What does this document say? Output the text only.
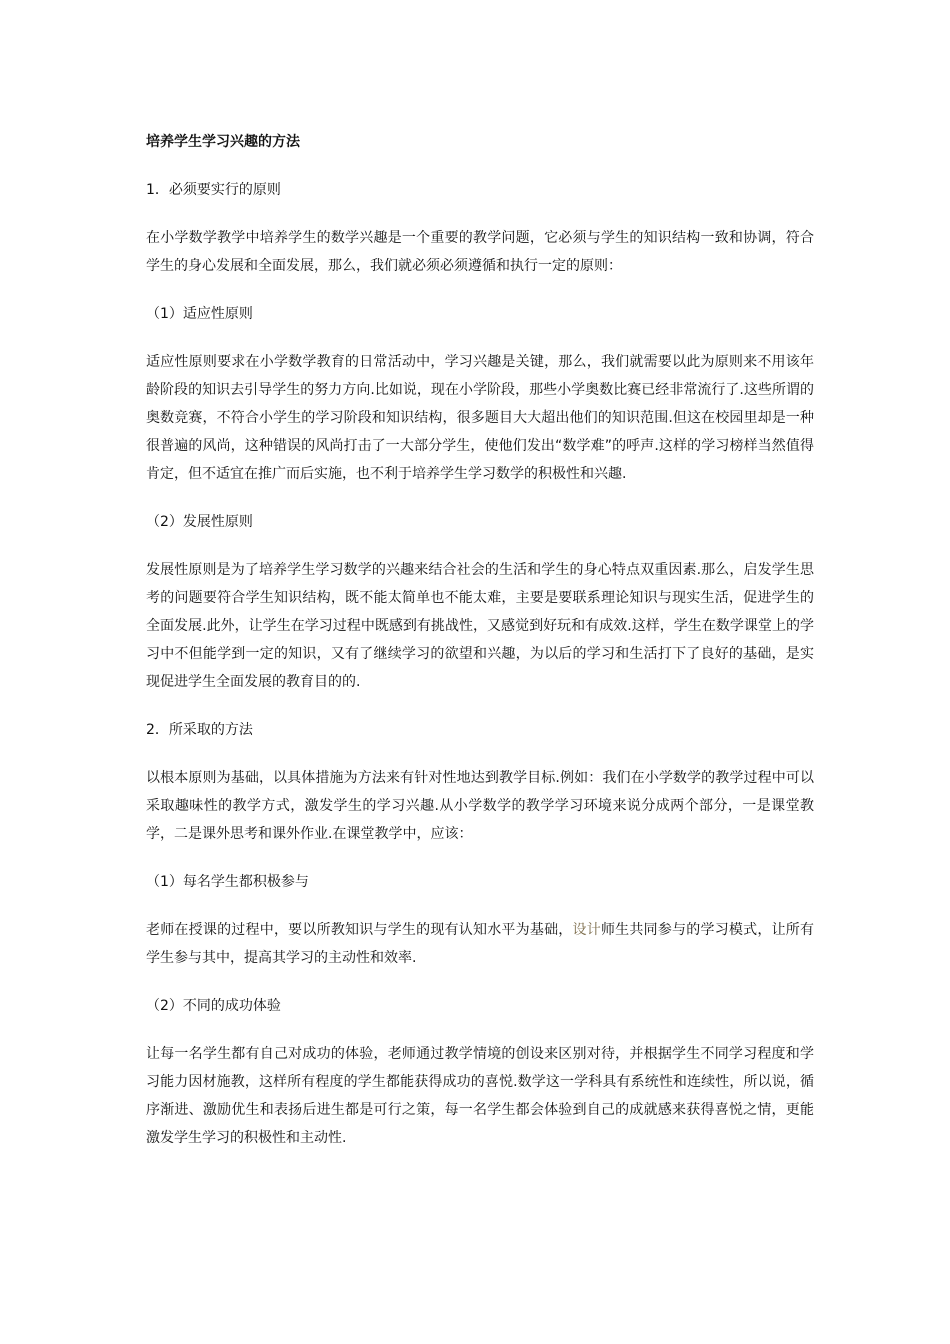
培养学生学习兴趣的方法
1．必须要实行的原则
在小学数学教学中培养学生的数学兴趣是一个重要的教学问题，它必须与学生的知识结构一致和协调，符合学生的身心发展和全面发展，那么，我们就必须必须遵循和执行一定的原则：
（1）适应性原则
适应性原则要求在小学数学教育的日常活动中，学习兴趣是关键，那么，我们就需要以此为原则来不用该年龄阶段的知识去引导学生的努力方向.比如说，现在小学阶段，那些小学奥数比赛已经非常流行了.这些所谓的奥数竞赛，不符合小学生的学习阶段和知识结构，很多题目大大超出他们的知识范围.但这在校园里却是一种很普遍的风尚，这种错误的风尚打击了一大部分学生，使他们发出“数学难”的呼声.这样的学习榜样当然值得肯定，但不适宜在推广而后实施，也不利于培养学生学习数学的积极性和兴趣.
（2）发展性原则
发展性原则是为了培养学生学习数学的兴趣来结合社会的生活和学生的身心特点双重因素.那么，启发学生思考的问题要符合学生知识结构，既不能太简单也不能太难，主要是要联系理论知识与现实生活，促进学生的全面发展.此外，让学生在学习过程中既感到有挑战性，又感觉到好玩和有成效.这样，学生在数学课堂上的学习中不但能学到一定的知识，又有了继续学习的欲望和兴趣，为以后的学习和生活打下了良好的基础，是实现促进学生全面发展的教育目的的.
2．所采取的方法
以根本原则为基础，以具体措施为方法来有针对性地达到教学目标.例如：我们在小学数学的教学过程中可以采取趣味性的教学方式，激发学生的学习兴趣.从小学数学的教学学习环境来说分成两个部分，一是课堂教学，二是课外思考和课外作业.在课堂教学中，应该：
（1）每名学生都积极参与
老师在授课的过程中，要以所教知识与学生的现有认知水平为基础，设计师生共同参与的学习模式，让所有学生参与其中，提高其学习的主动性和效率.
（2）不同的成功体验
让每一名学生都有自己对成功的体验，老师通过教学情境的创设来区别对待，并根据学生不同学习程度和学习能力因材施教，这样所有程度的学生都能获得成功的喜悦.数学这一学科具有系统性和连续性，所以说，循序渐进、激励优生和表扬后进生都是可行之策，每一名学生都会体验到自己的成就感来获得喜悦之情，更能激发学生学习的积极性和主动性.
